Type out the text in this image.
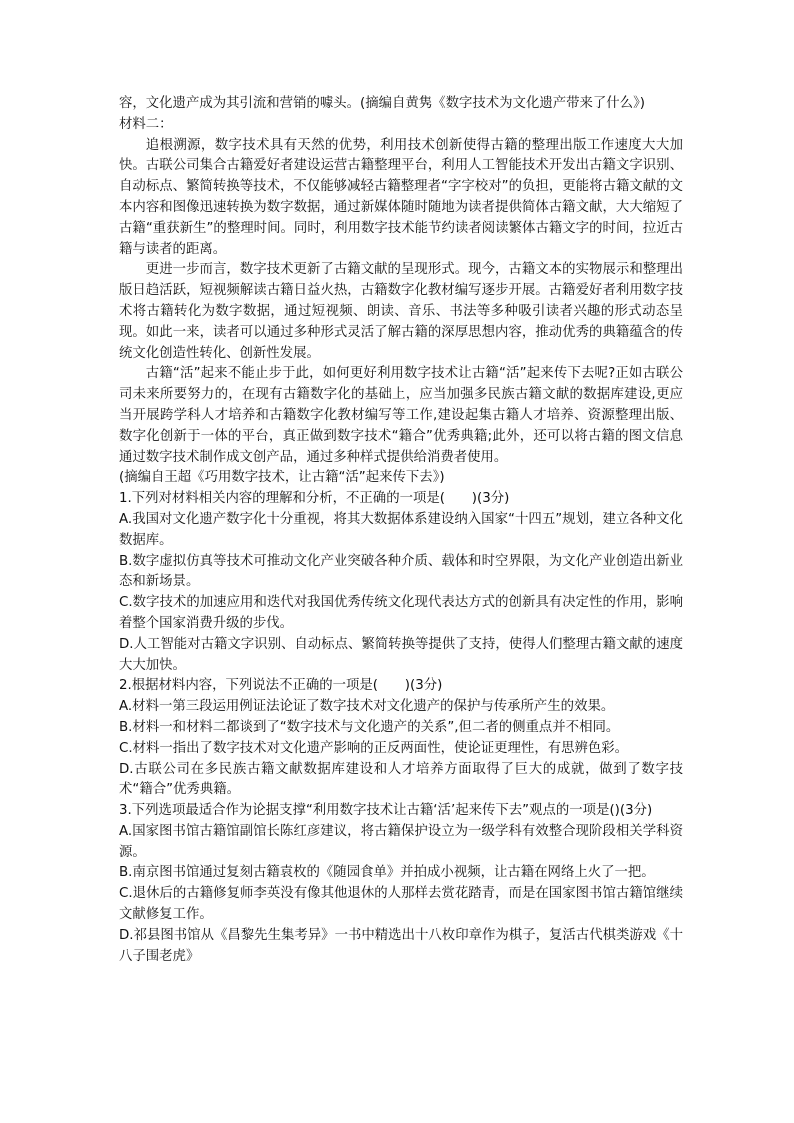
容，文化遗产成为其引流和营销的噱头。(摘编自黄隽《数字技术为文化遗产带来了什么》)

材料二：

追根溯源，数字技术具有天然的优势，利用技术创新使得古籍的整理出版工作速度大大加快。古联公司集合古籍爱好者建设运营古籍整理平台，利用人工智能技术开发出古籍文字识别、自动标点、繁简转换等技术，不仅能够减轻古籍整理者“字字校对”的负担，更能将古籍文献的文本内容和图像迅速转换为数字数据，通过新媒体随时随地为读者提供简体古籍文献，大大缩短了古籍“重获新生”的整理时间。同时，利用数字技术能节约读者阅读繁体古籍文字的时间，拉近古籍与读者的距离。

更进一步而言，数字技术更新了古籍文献的呈现形式。现今，古籍文本的实物展示和整理出版日趋活跃，短视频解读古籍日益火热，古籍数字化教材编写逐步开展。古籍爱好者利用数字技术将古籍转化为数字数据，通过短视频、朗读、音乐、书法等多种吸引读者兴趣的形式动态呈现。如此一来，读者可以通过多种形式灵活了解古籍的深厚思想内容，推动优秀的典籍蕴含的传统文化创造性转化、创新性发展。

古籍“活”起来不能止步于此，如何更好利用数字技术让古籍“活”起来传下去呢?正如古联公司未来所要努力的，在现有古籍数字化的基础上，应当加强多民族古籍文献的数据库建设,更应当开展跨学科人才培养和古籍数字化教材编写等工作,建设起集古籍人才培养、资源整理出版、数字化创新于一体的平台，真正做到数字技术“籍合”优秀典籍;此外，还可以将古籍的图文信息通过数字技术制作成文创产品，通过多种样式提供给消费者使用。

(摘编自王超《巧用数字技术，让古籍“活”起来传下去》)

1.下列对材料相关内容的理解和分析，不正确的一项是(　　)(3分)

A.我国对文化遗产数字化十分重视，将其大数据体系建设纳入国家“十四五”规划，建立各种文化数据库。

B.数字虚拟仿真等技术可推动文化产业突破各种介质、载体和时空界限，为文化产业创造出新业态和新场景。

C.数字技术的加速应用和迭代对我国优秀传统文化现代表达方式的创新具有决定性的作用，影响着整个国家消费升级的步伐。

D.人工智能对古籍文字识别、自动标点、繁简转换等提供了支持，使得人们整理古籍文献的速度大大加快。

2.根据材料内容，下列说法不正确的一项是(　　)(3分)

A.材料一第三段运用例证法论证了数字技术对文化遗产的保护与传承所产生的效果。

B.材料一和材料二都谈到了“数字技术与文化遗产的关系”,但二者的侧重点并不相同。

C.材料一指出了数字技术对文化遗产影响的正反两面性，使论证更理性，有思辨色彩。

D.古联公司在多民族古籍文献数据库建设和人才培养方面取得了巨大的成就，做到了数字技术“籍合”优秀典籍。

3.下列选项最适合作为论据支撑“利用数字技术让古籍‘活’起来传下去”观点的一项是()(3分)

A.国家图书馆古籍馆副馆长陈红彦建议，将古籍保护设立为一级学科有效整合现阶段相关学科资源。

B.南京图书馆通过复刻古籍袁枚的《随园食单》并拍成小视频，让古籍在网络上火了一把。

C.退休后的古籍修复师李英没有像其他退休的人那样去赏花踏青，而是在国家图书馆古籍馆继续文献修复工作。

D.祁县图书馆从《昌黎先生集考异》一书中精选出十八枚印章作为棋子，复活古代棋类游戏《十八子围老虎》
